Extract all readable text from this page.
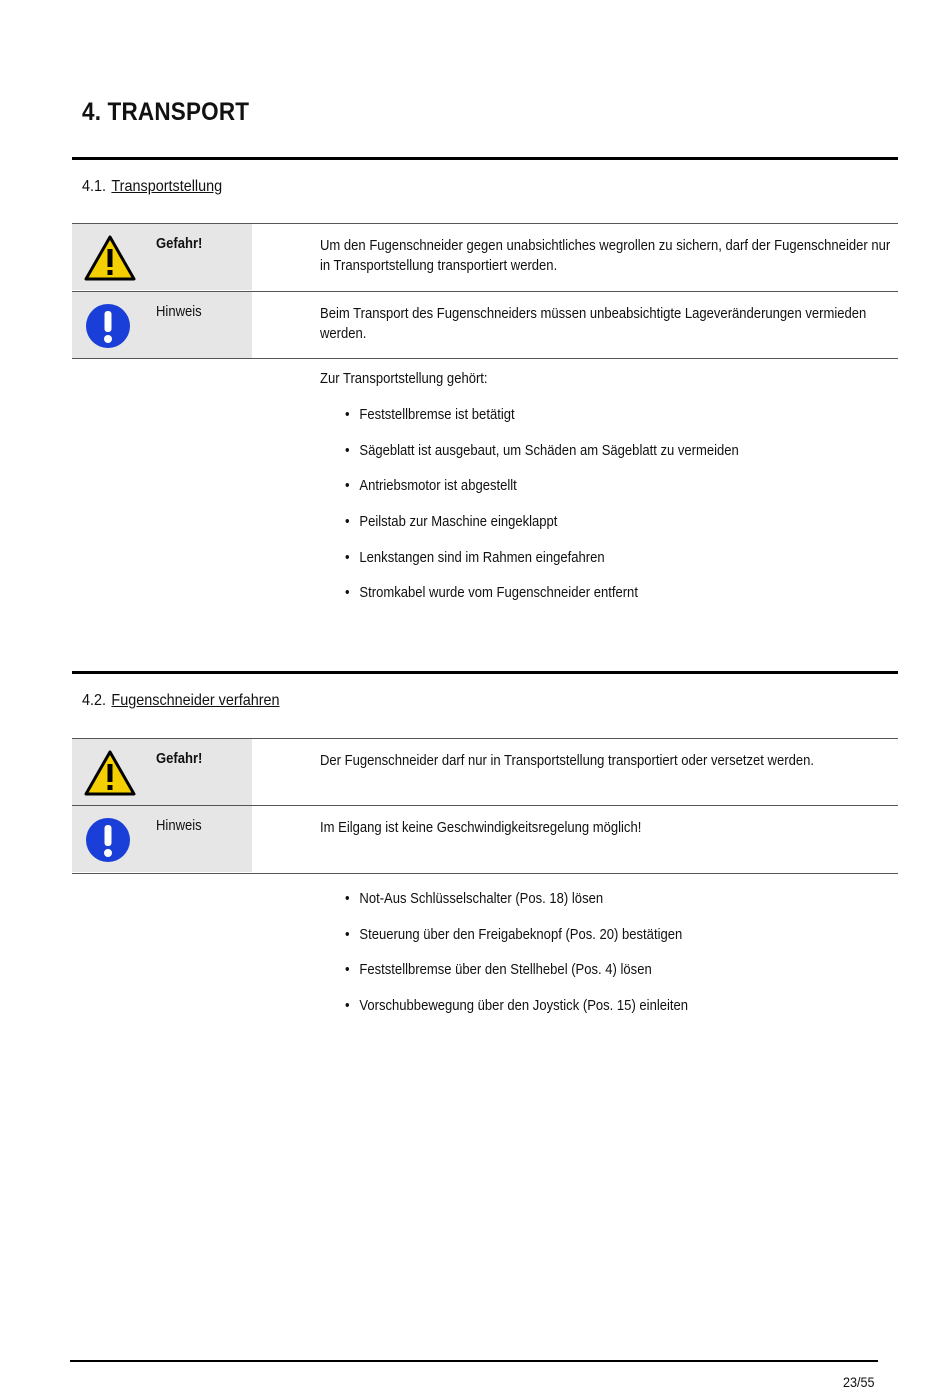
4. TRANSPORT
4.1. Transportstellung
Gefahr!	Um den Fugenschneider gegen unabsichtliches wegrollen zu sichern, darf der Fugenschneider nur in Transportstellung transportiert werden.
Hinweis	Beim Transport des Fugenschneiders müssen unbeabsichtigte Lageveränderungen vermieden werden.
Zur Transportstellung gehört:
• Feststellbremse ist betätigt
• Sägeblatt ist ausgebaut, um Schäden am Sägeblatt zu vermeiden
• Antriebsmotor ist abgestellt
• Peilstab zur Maschine eingeklappt
• Lenkstangen sind im Rahmen eingefahren
• Stromkabel wurde vom Fugenschneider entfernt
4.2. Fugenschneider verfahren
Gefahr!	Der Fugenschneider darf nur in Transportstellung transportiert oder versetzet werden.
Hinweis	Im Eilgang ist keine Geschwindigkeitsregelung möglich!
• Not-Aus Schlüsselschalter (Pos. 18) lösen
• Steuerung über den Freigabeknopf (Pos. 20) bestätigen
• Feststellbremse über den Stellhebel (Pos. 4) lösen
• Vorschubbewegung über den Joystick (Pos. 15) einleiten
23/55
